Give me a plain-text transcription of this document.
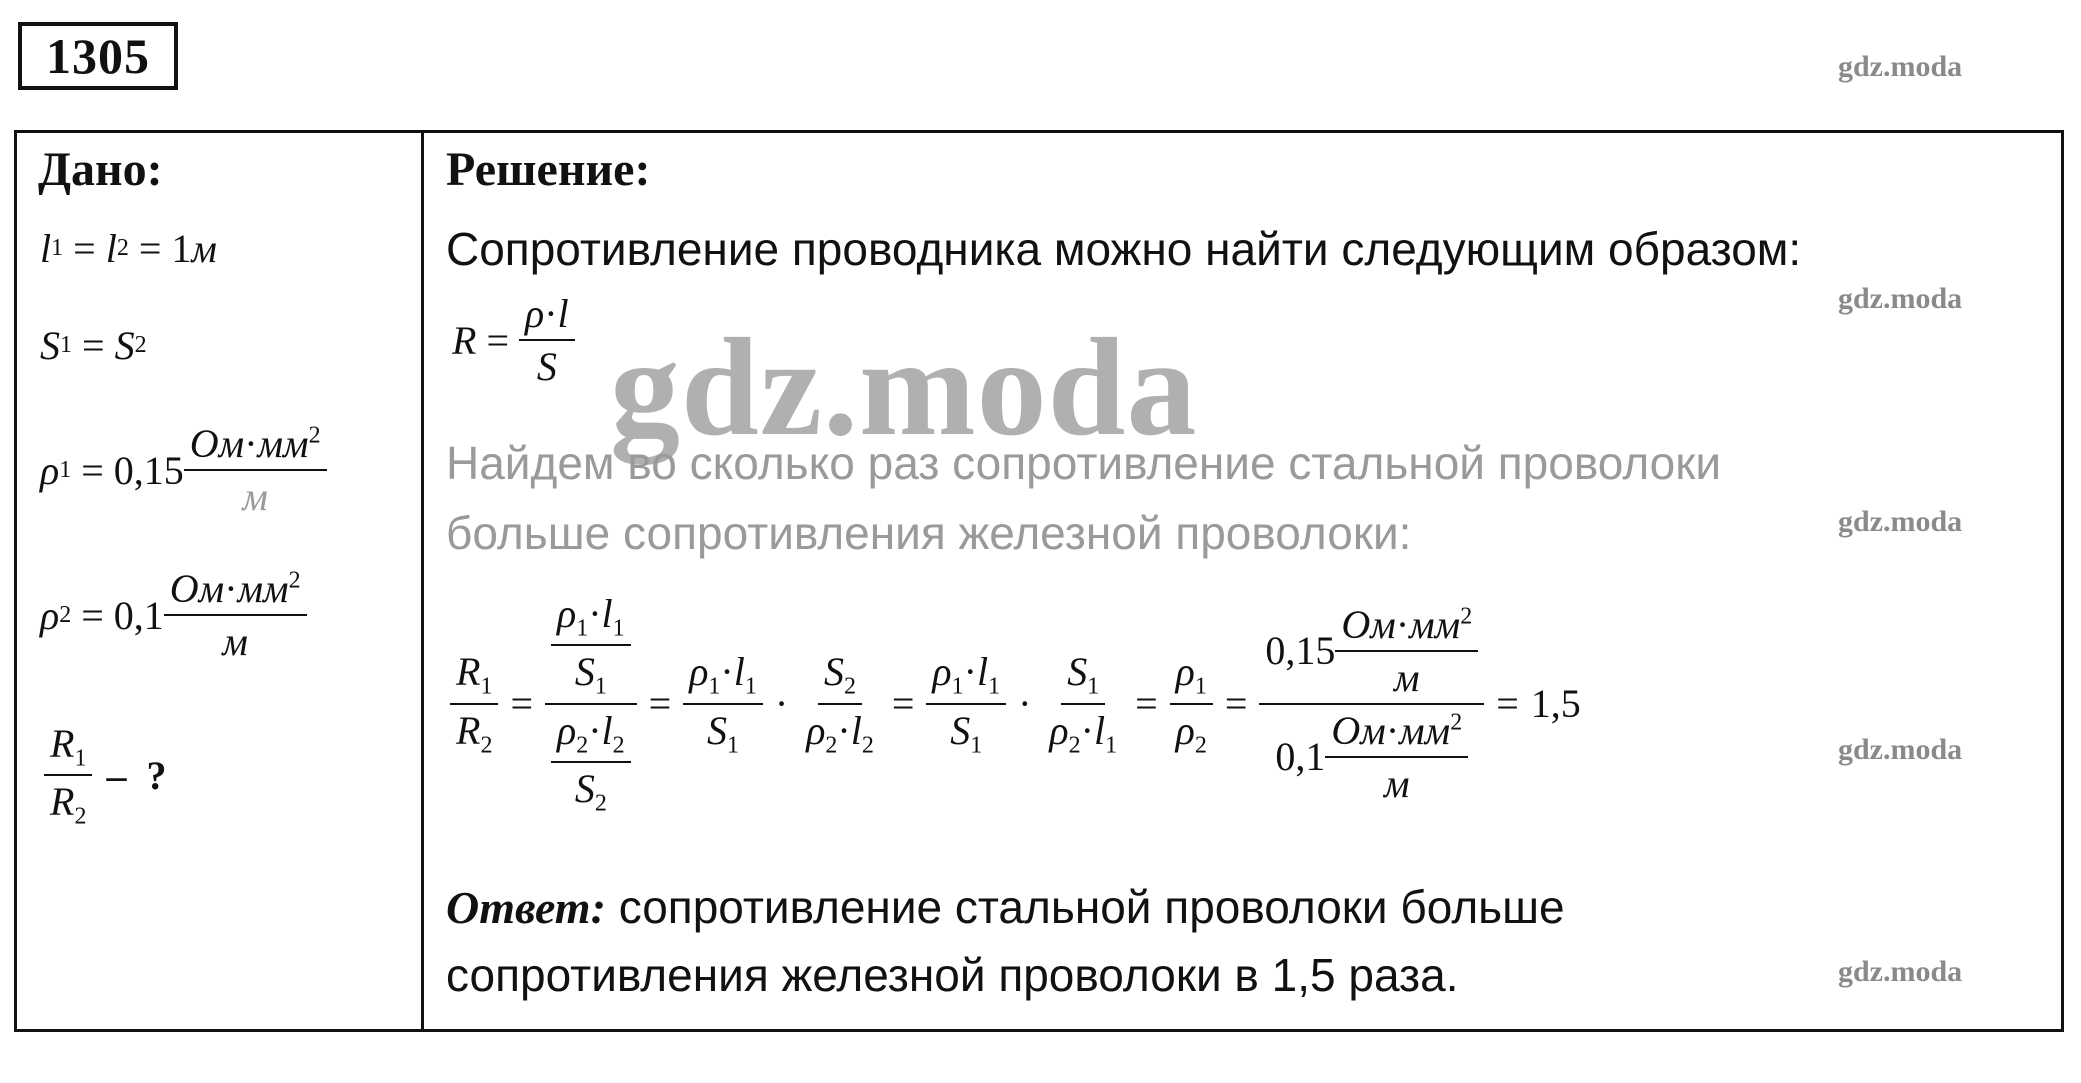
1305	gdz.moda
gdz.moda
gdz.moda
gdz.moda
gdz.moda
Дано:
l 1 = l 2 = 1 м
S 1 = S 2
ρ $1 = 0,15 \frac{Ом\cdot мм^2}{м}$
ρ $2 = 0,1 \frac{Ом\cdot мм^2}{м}$
$\frac{R_1}{R_2}$ –  ?
Решение:
Сопротивление проводника можно найти следующим образом:
$R = \frac{\rho\cdot l}{S}$
Найдем во сколько раз сопротивление стальной проволоки
больше сопротивления железной проволоки:
$\frac{R_1}{R_2} = \frac{\frac{\rho_1\cdot l_1}{S_1}}{\frac{\rho_2\cdot l_2}{S_2}} = \frac{\rho_1\cdot l_1}{S_1} \cdot \frac{S_2}{\rho_2\cdot l_2} = \frac{\rho_1\cdot l_1}{S_1} \cdot \frac{S_1}{\rho_2\cdot l_1} = \frac{\rho_1}{\rho_2} = \frac{0,15 \frac{Ом\cdot мм^2}{м}}{0,1 \frac{Ом\cdot мм^2}{м}} = 1,5$
Ответ: сопротивление стальной проволоки больше
сопротивления железной проволоки в 1,5 раза.
gdz.moda
